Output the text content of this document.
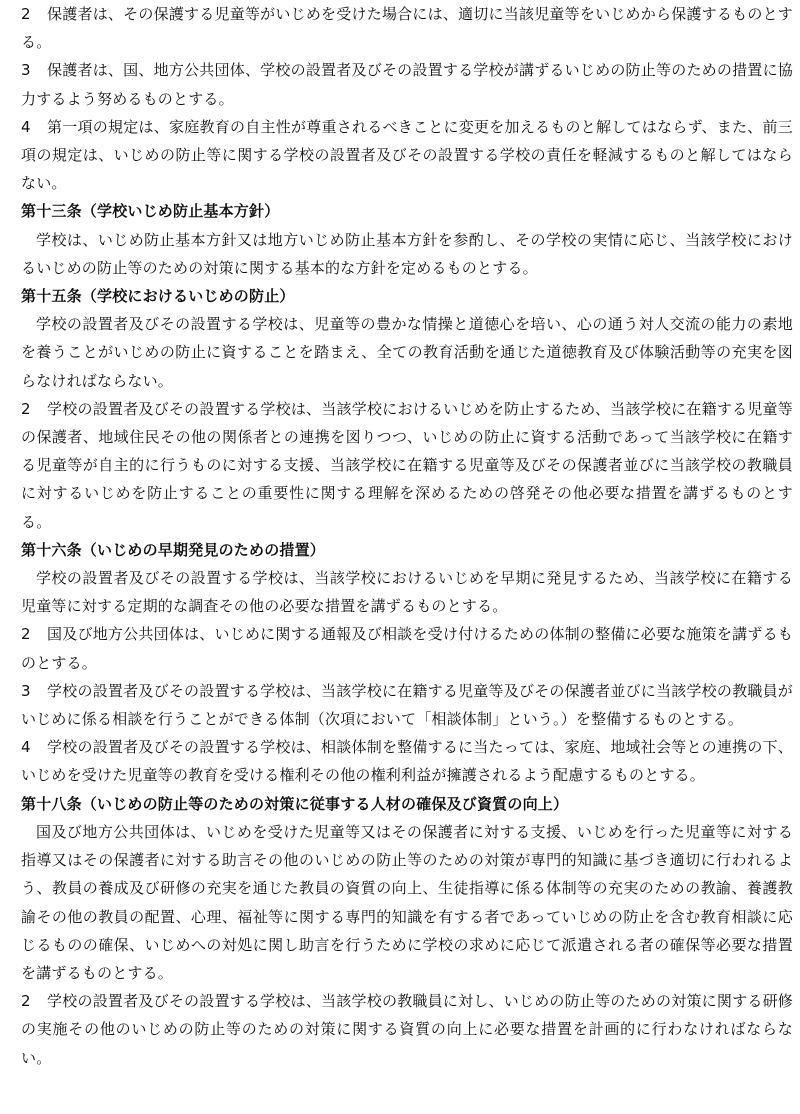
2 保護者は、その保護する児童等がいじめを受けた場合には、適切に当該児童等をいじめから保護するものとする。

3 保護者は、国、地方公共団体、学校の設置者及びその設置する学校が講ずるいじめの防止等のための措置に協力するよう努めるものとする。

4 第一項の規定は、家庭教育の自主性が尊重されるべきことに変更を加えるものと解してはならず、また、前三項の規定は、いじめの防止等に関する学校の設置者及びその設置する学校の責任を軽減するものと解してはならない。

第十三条（学校いじめ防止基本方針）

学校は、いじめ防止基本方針又は地方いじめ防止基本方針を参酌し、その学校の実情に応じ、当該学校におけるいじめの防止等のための対策に関する基本的な方針を定めるものとする。

第十五条（学校におけるいじめの防止）

学校の設置者及びその設置する学校は、児童等の豊かな情操と道徳心を培い、心の通う対人交流の能力の素地を養うことがいじめの防止に資することを踏まえ、全ての教育活動を通じた道徳教育及び体験活動等の充実を図らなければならない。

2 学校の設置者及びその設置する学校は、当該学校におけるいじめを防止するため、当該学校に在籍する児童等の保護者、地域住民その他の関係者との連携を図りつつ、いじめの防止に資する活動であって当該学校に在籍する児童等が自主的に行うものに対する支援、当該学校に在籍する児童等及びその保護者並びに当該学校の教職員に対するいじめを防止することの重要性に関する理解を深めるための啓発その他必要な措置を講ずるものとする。

第十六条（いじめの早期発見のための措置）

学校の設置者及びその設置する学校は、当該学校におけるいじめを早期に発見するため、当該学校に在籍する児童等に対する定期的な調査その他の必要な措置を講ずるものとする。

2 国及び地方公共団体は、いじめに関する通報及び相談を受け付けるための体制の整備に必要な施策を講ずるものとする。

3 学校の設置者及びその設置する学校は、当該学校に在籍する児童等及びその保護者並びに当該学校の教職員がいじめに係る相談を行うことができる体制（次項において「相談体制」という。）を整備するものとする。

4 学校の設置者及びその設置する学校は、相談体制を整備するに当たっては、家庭、地域社会等との連携の下、いじめを受けた児童等の教育を受ける権利その他の権利利益が擁護されるよう配慮するものとする。

第十八条（いじめの防止等のための対策に従事する人材の確保及び資質の向上）

国及び地方公共団体は、いじめを受けた児童等又はその保護者に対する支援、いじめを行った児童等に対する指導又はその保護者に対する助言その他のいじめの防止等のための対策が専門的知識に基づき適切に行われるよう、教員の養成及び研修の充実を通じた教員の資質の向上、生徒指導に係る体制等の充実のための教諭、養護教諭その他の教員の配置、心理、福祉等に関する専門的知識を有する者であっていじめの防止を含む教育相談に応じるものの確保、いじめへの対処に関し助言を行うために学校の求めに応じて派遣される者の確保等必要な措置を講ずるものとする。

2 学校の設置者及びその設置する学校は、当該学校の教職員に対し、いじめの防止等のための対策に関する研修の実施その他のいじめの防止等のための対策に関する資質の向上に必要な措置を計画的に行わなければならない。
